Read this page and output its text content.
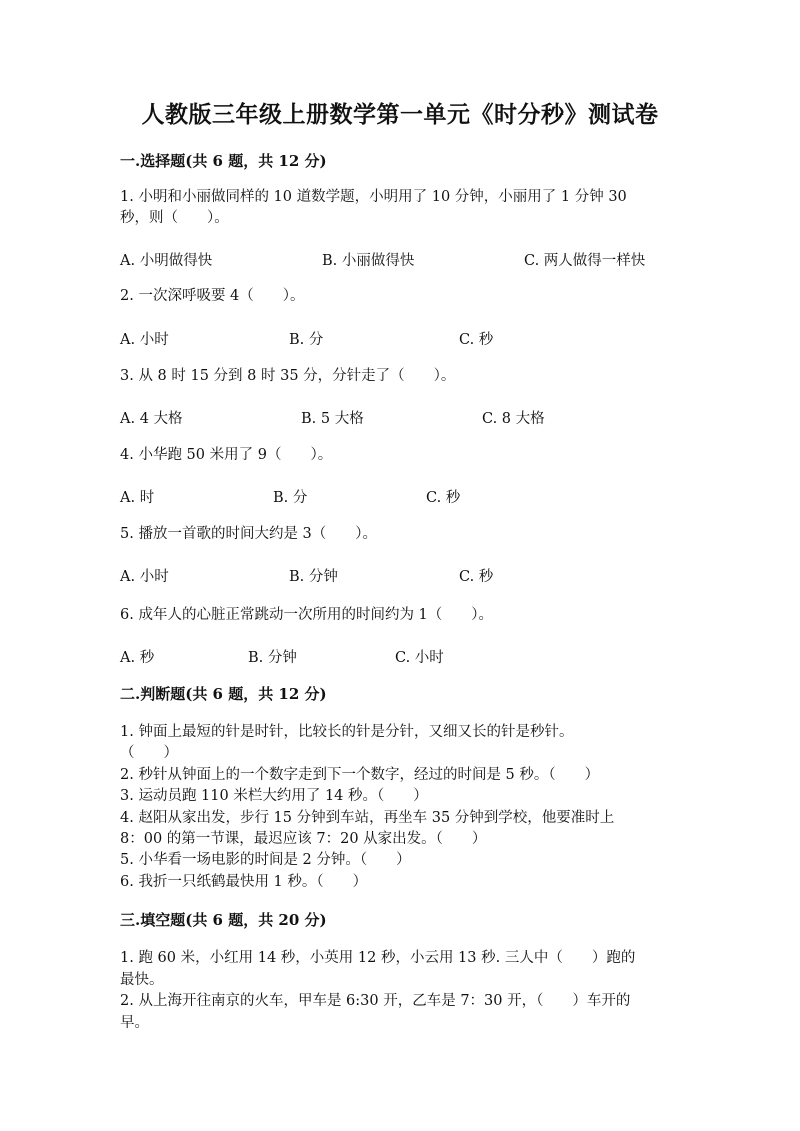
人教版三年级上册数学第一单元《时分秒》测试卷
一.选择题(共 6 题，共 12 分)
1. 小明和小丽做同样的 10 道数学题，小明用了 10 分钟，小丽用了 1 分钟 30
秒，则（　　）。
A. 小明做得快	B. 小丽做得快	C. 两人做得一样快
2. 一次深呼吸要 4（　　）。
A. 小时	B. 分	C. 秒
3. 从 8 时 15 分到 8 时 35 分，分针走了（　　）。
A. 4 大格	B. 5 大格	C. 8 大格
4. 小华跑 50 米用了 9（　　）。
A. 时	B. 分	C. 秒
5. 播放一首歌的时间大约是 3（　　）。
A. 小时	B. 分钟	C. 秒
6. 成年人的心脏正常跳动一次所用的时间约为 1（　　）。
A. 秒	B. 分钟	C. 小时
二.判断题(共 6 题，共 12 分)
1. 钟面上最短的针是时针，比较长的针是分针，又细又长的针是秒针。
（　　）
2. 秒针从钟面上的一个数字走到下一个数字，经过的时间是 5 秒。（　　）
3. 运动员跑 110 米栏大约用了 14 秒。（　　）
4. 赵阳从家出发，步行 15 分钟到车站，再坐车 35 分钟到学校，他要准时上
8：00 的第一节课，最迟应该 7：20 从家出发。（　　）
5. 小华看一场电影的时间是 2 分钟。（　　）
6. 我折一只纸鹤最快用 1 秒。（　　）
三.填空题(共 6 题，共 20 分)
1. 跑 60 米，小红用 14 秒，小英用 12 秒，小云用 13 秒. 三人中（　　）跑的
最快。
2. 从上海开往南京的火车，甲车是 6:30 开，乙车是 7：30 开，（　　）车开的
早。
